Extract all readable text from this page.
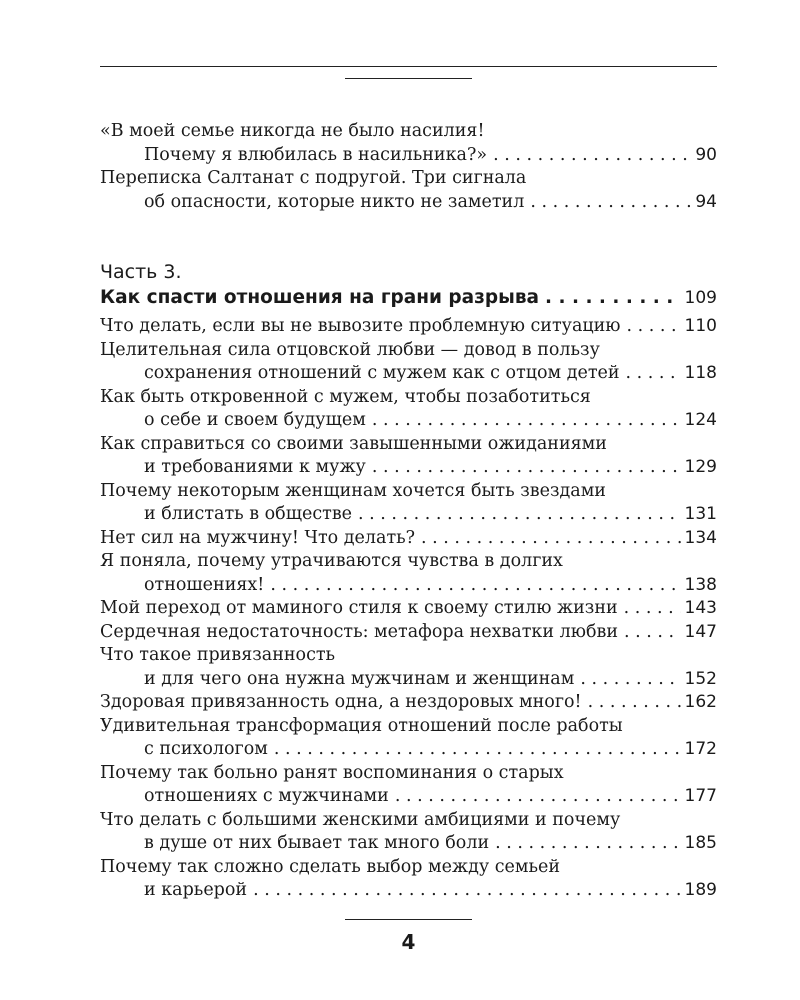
«В моей семье никогда не было насилия!
Почему я влюбилась в насильника?» . . .	90
Переписка Салтанат с подругой. Три сигнала
об опасности, которые никто не заметил . . .	94
Часть 3.
Как спасти отношения на грани разрыва . . .	109
Что делать, если вы не вывозите проблемную ситуацию . . .	110
Целительная сила отцовской любви — довод в пользу
сохранения отношений с мужем как с отцом детей . . .	118
Как быть откровенной с мужем, чтобы позаботиться
о себе и своем будущем . . .	124
Как справиться со своими завышенными ожиданиями
и требованиями к мужу . . .	129
Почему некоторым женщинам хочется быть звездами
и блистать в обществе . . .	131
Нет сил на мужчину! Что делать? . . .	134
Я поняла, почему утрачиваются чувства в долгих
отношениях! . . .	138
Мой переход от маминого стиля к своему стилю жизни . . .	143
Сердечная недостаточность: метафора нехватки любви . . .	147
Что такое привязанность
и для чего она нужна мужчинам и женщинам . . .	152
Здоровая привязанность одна, а нездоровых много! . . .	162
Удивительная трансформация отношений после работы
с психологом . . .	172
Почему так больно ранят воспоминания о старых
отношениях с мужчинами . . .	177
Что делать с большими женскими амбициями и почему
в душе от них бывает так много боли . . .	185
Почему так сложно сделать выбор между семьей
и карьерой . . .	189
4
